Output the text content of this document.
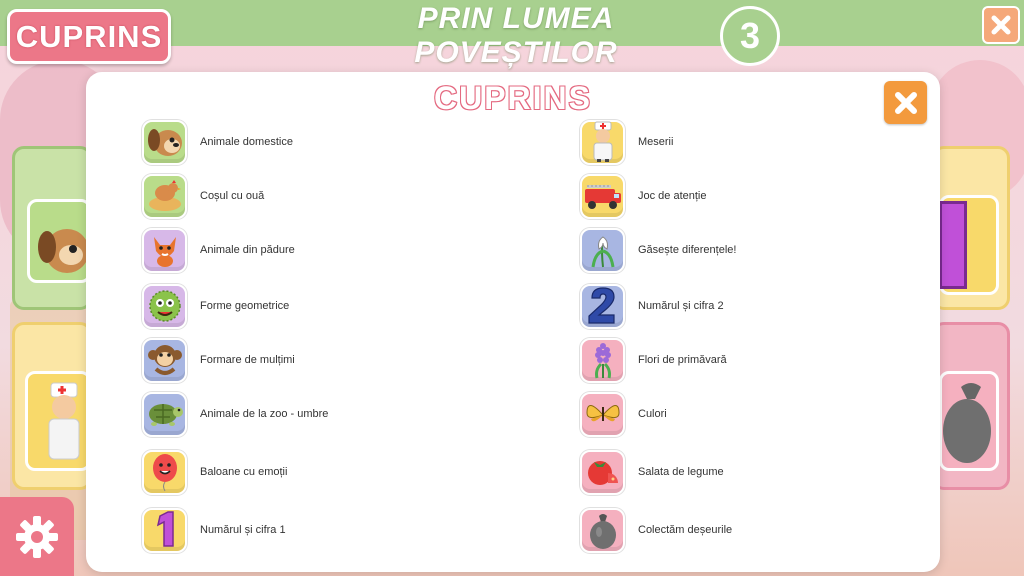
CUPRINS	PRIN LUMEA POVEȘTILOR	3
CUPRINS
Animale domestice
Coșul cu ouă
Animale din pădure
Forme geometrice
Formare de mulțimi
Animale de la zoo - umbre
Baloane cu emoții
Numărul și cifra 1
Meserii
Joc de atenție
Găsește diferențele!
Numărul și cifra 2
Flori de primăvară
Culori
Salata de legume
Colectăm deșeurile
